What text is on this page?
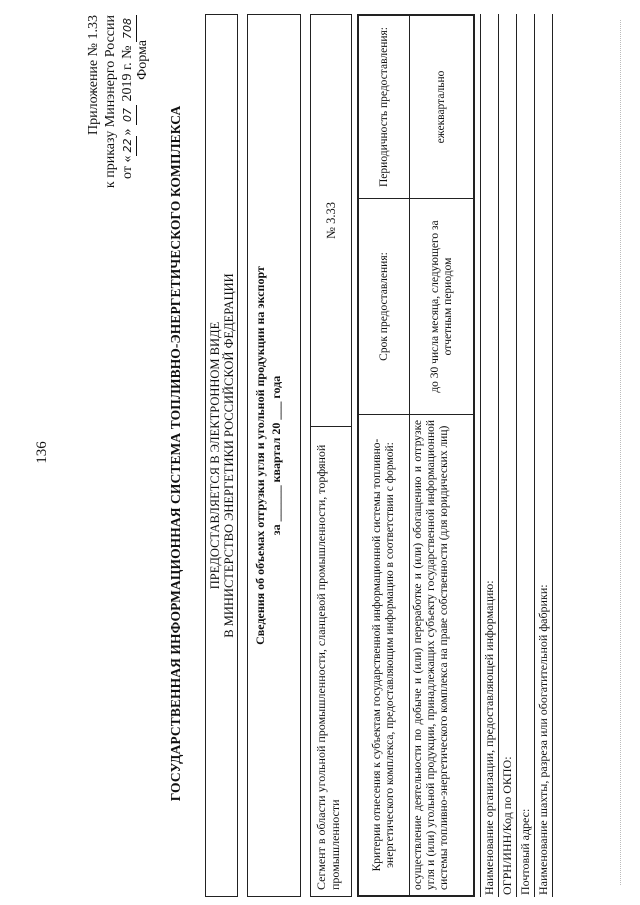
136
Приложение № 1.33 к приказу Минэнерго России от «22» 07 2019 г. № 708
Форма
ГОСУДАРСТВЕННАЯ ИНФОРМАЦИОННАЯ СИСТЕМА ТОПЛИВНО-ЭНЕРГЕТИЧЕСКОГО КОМПЛЕКСА ПРЕДОСТАВЛЯЕТСЯ В ЭЛЕКТРОННОМ ВИДЕ В МИНИСТЕРСТВО ЭНЕРГЕТИКИ РОССИЙСКОЙ ФЕДЕРАЦИИ Сведения об объемах отгрузки угля и угольной продукции на экспорт за ______ квартал 20 ___ года	Сегмент в области угольной промышленности, сланцевой промышленности, торфяной промышленности
№ 3.33
Критерии отнесения к субъектам государственной информационной системы топливно-энергетического комплекса, предоставляющим информацию в соответствии с формой:	Срок предоставления:	Периодичность предоставления:
осуществление деятельности по добыче и (или) переработке и (или) обогащению и отгрузке угля и (или) угольной продукции, принадлежащих субъекту государственной информационной системы топливно-энергетического комплекса на праве собственности (для юридических лиц)	до 30 числа месяца, следующего за отчетным периодом	ежеквартально
Наименование организации, предоставляющей информацию: ОГРН/ИНН/Код по ОКПО: Почтовый адрес: Наименование шахты, разреза или обогатительной фабрики:
